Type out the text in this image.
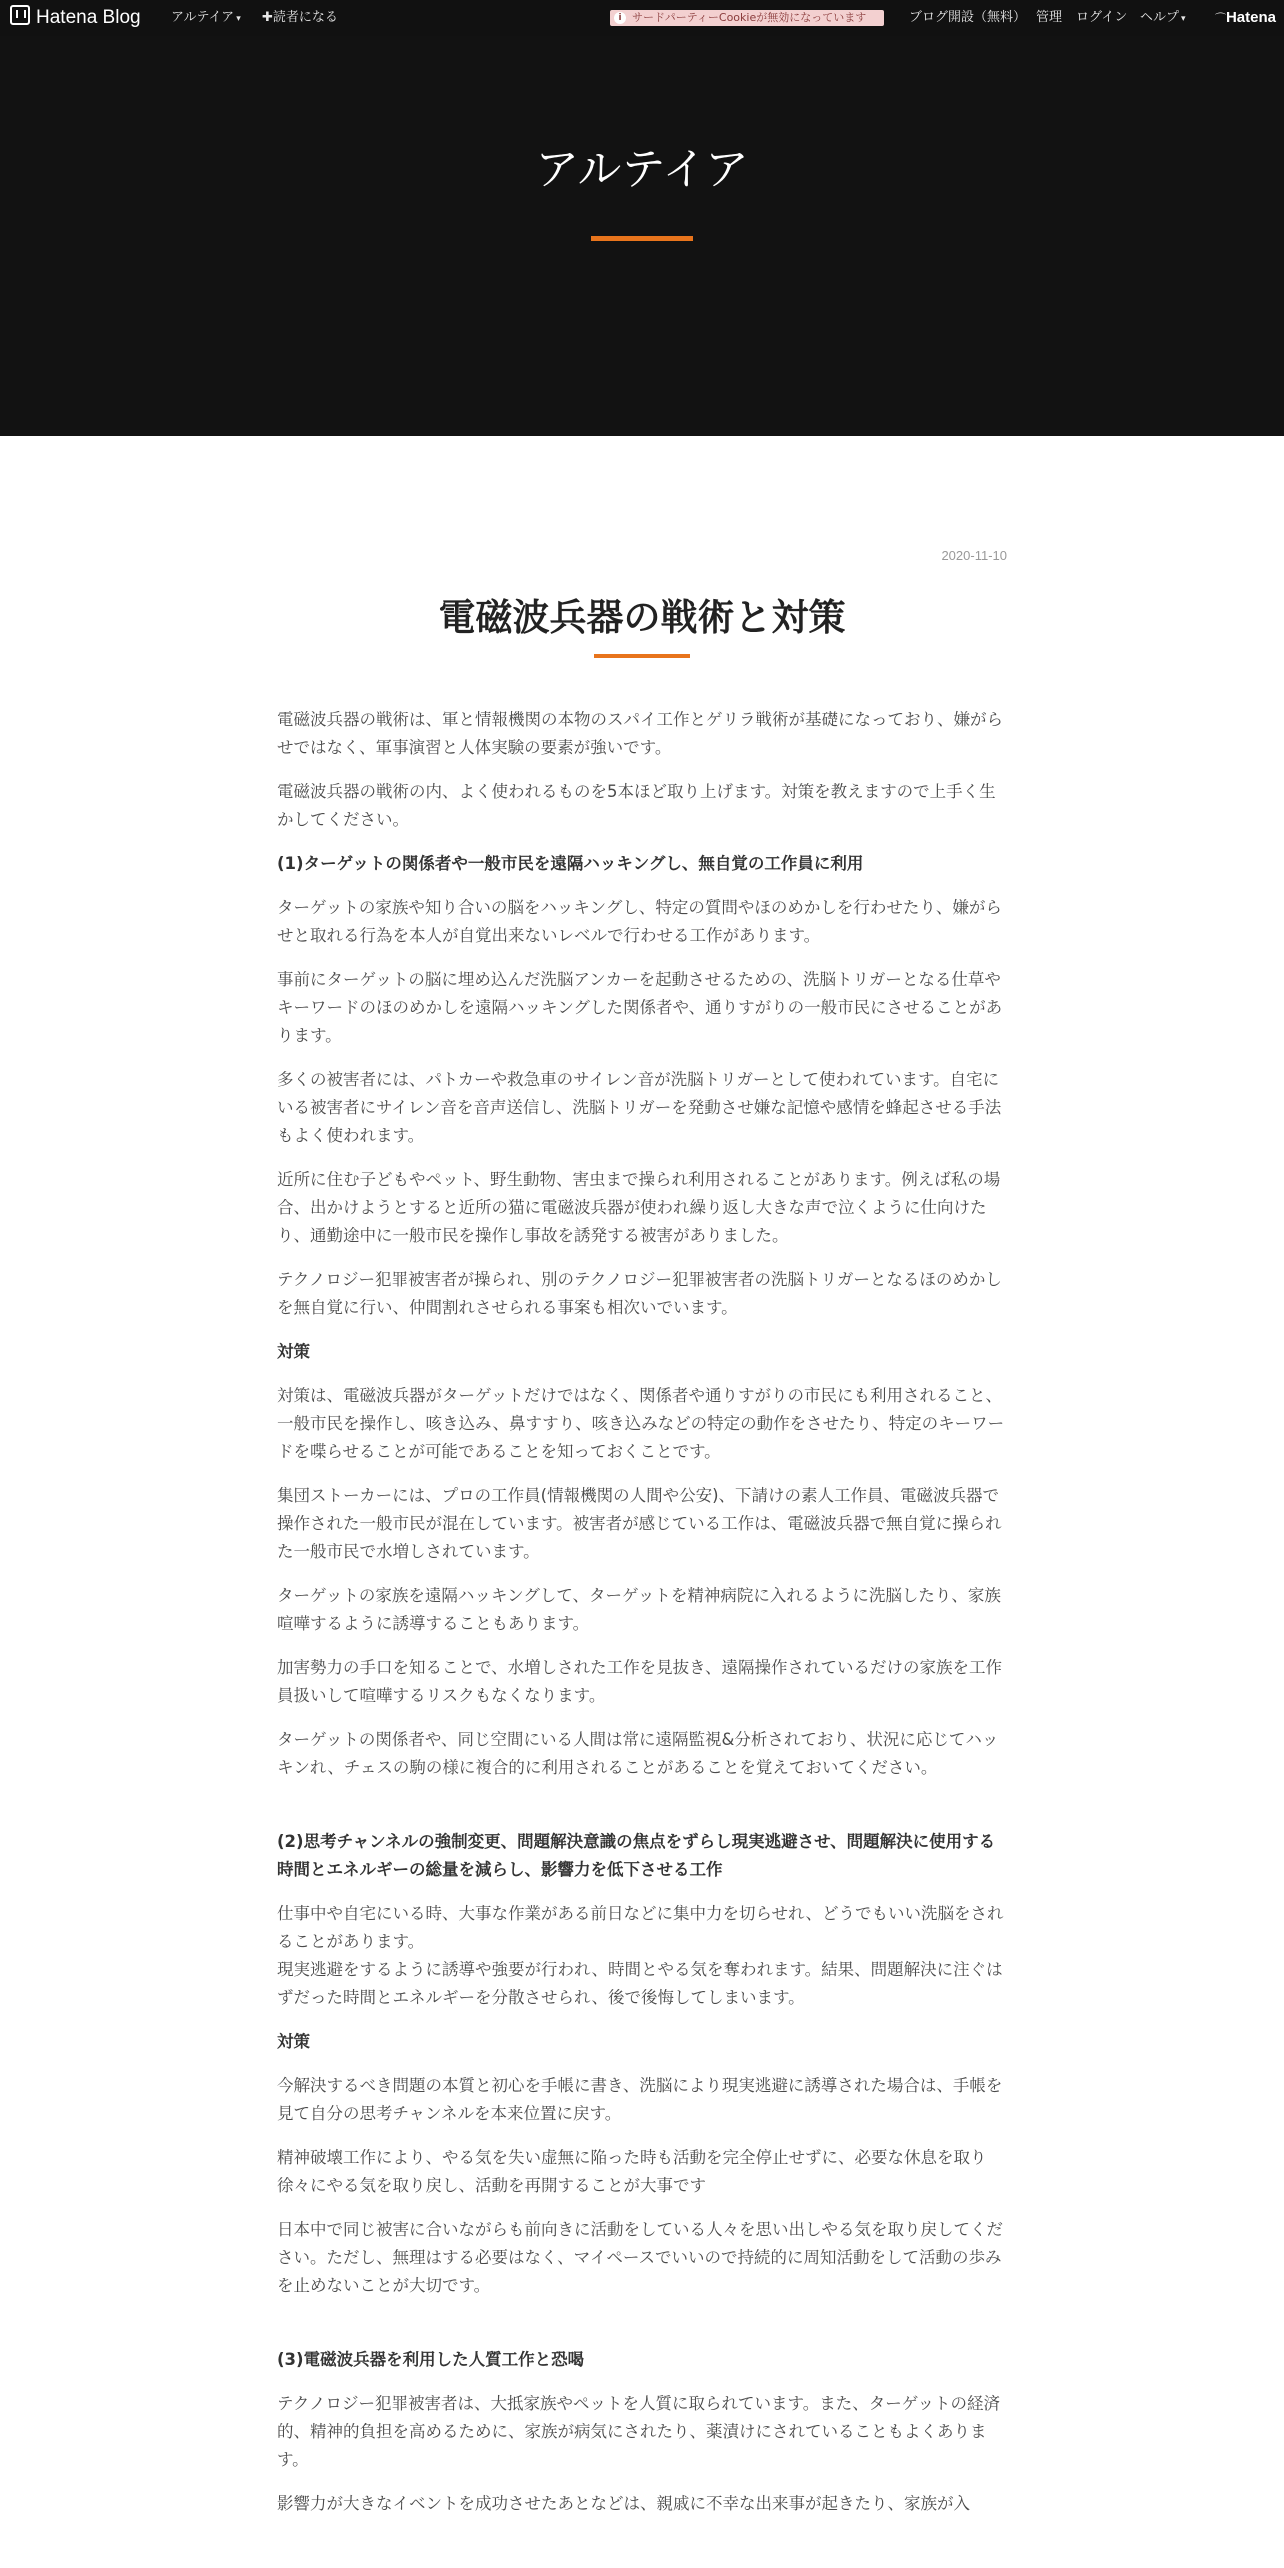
Hatena Blog アルテイア ▾ ✚読者になる	i サードパーティーCookieが無効になっています	ブログ開設（無料） 管理 ログイン ヘルプ ▾	⌒Hatena
アルテイア
2020-11-10
電磁波兵器の戦術と対策

電磁波兵器の戦術は、軍と情報機関の本物のスパイ工作とゲリラ戦術が基礎になっており、嫌がらせではなく、軍事演習と人体実験の要素が強いです。

電磁波兵器の戦術の内、よく使われるものを5本ほど取り上げます。対策を教えますので上手く生かしてください。

(1)ターゲットの関係者や一般市民を遠隔ハッキングし、無自覚の工作員に利用

ターゲットの家族や知り合いの脳をハッキングし、特定の質問やほのめかしを行わせたり、嫌がらせと取れる行為を本人が自覚出来ないレベルで行わせる工作があります。

事前にターゲットの脳に埋め込んだ洗脳アンカーを起動させるための、洗脳トリガーとなる仕草やキーワードのほのめかしを遠隔ハッキングした関係者や、通りすがりの一般市民にさせることがあります。

多くの被害者には、パトカーや救急車のサイレン音が洗脳トリガーとして使われています。自宅にいる被害者にサイレン音を音声送信し、洗脳トリガーを発動させ嫌な記憶や感情を蜂起させる手法もよく使われます。

近所に住む子どもやペット、野生動物、害虫まで操られ利用されることがあります。例えば私の場合、出かけようとすると近所の猫に電磁波兵器が使われ繰り返し大きな声で泣くように仕向けたり、通勤途中に一般市民を操作し事故を誘発する被害がありました。

テクノロジー犯罪被害者が操られ、別のテクノロジー犯罪被害者の洗脳トリガーとなるほのめかしを無自覚に行い、仲間割れさせられる事案も相次いでいます。

対策

対策は、電磁波兵器がターゲットだけではなく、関係者や通りすがりの市民にも利用されること、一般市民を操作し、咳き込み、鼻すすり、咳き込みなどの特定の動作をさせたり、特定のキーワードを喋らせることが可能であることを知っておくことです。

集団ストーカーには、プロの工作員(情報機関の人間や公安)、下請けの素人工作員、電磁波兵器で操作された一般市民が混在しています。被害者が感じている工作は、電磁波兵器で無自覚に操られた一般市民で水増しされています。

ターゲットの家族を遠隔ハッキングして、ターゲットを精神病院に入れるように洗脳したり、家族喧嘩するように誘導することもあります。

加害勢力の手口を知ることで、水増しされた工作を見抜き、遠隔操作されているだけの家族を工作員扱いして喧嘩するリスクもなくなります。

ターゲットの関係者や、同じ空間にいる人間は常に遠隔監視&分析されており、状況に応じてハッキンれ、チェスの駒の様に複合的に利用されることがあることを覚えておいてください。

(2)思考チャンネルの強制変更、問題解決意識の焦点をずらし現実逃避させ、問題解決に使用する時間とエネルギーの総量を減らし、影響力を低下させる工作

仕事中や自宅にいる時、大事な作業がある前日などに集中力を切らせれ、どうでもいい洗脳をされることがあります。

現実逃避をするように誘導や強要が行われ、時間とやる気を奪われます。結果、問題解決に注ぐはずだった時間とエネルギーを分散させられ、後で後悔してしまいます。

対策

今解決するべき問題の本質と初心を手帳に書き、洗脳により現実逃避に誘導された場合は、手帳を見て自分の思考チャンネルを本来位置に戻す。

精神破壊工作により、やる気を失い虚無に陥った時も活動を完全停止せずに、必要な休息を取り徐々にやる気を取り戻し、活動を再開することが大事です

日本中で同じ被害に合いながらも前向きに活動をしている人々を思い出しやる気を取り戻してください。ただし、無理はする必要はなく、マイペースでいいので持続的に周知活動をして活動の歩みを止めないことが大切です。

(3)電磁波兵器を利用した人質工作と恐喝

テクノロジー犯罪被害者は、大抵家族やペットを人質に取られています。また、ターゲットの経済的、精神的負担を高めるために、家族が病気にされたり、薬漬けにされていることもよくあります。

影響力が大きなイベントを成功させたあとなどは、親戚に不幸な出来事が起きたり、家族が入
